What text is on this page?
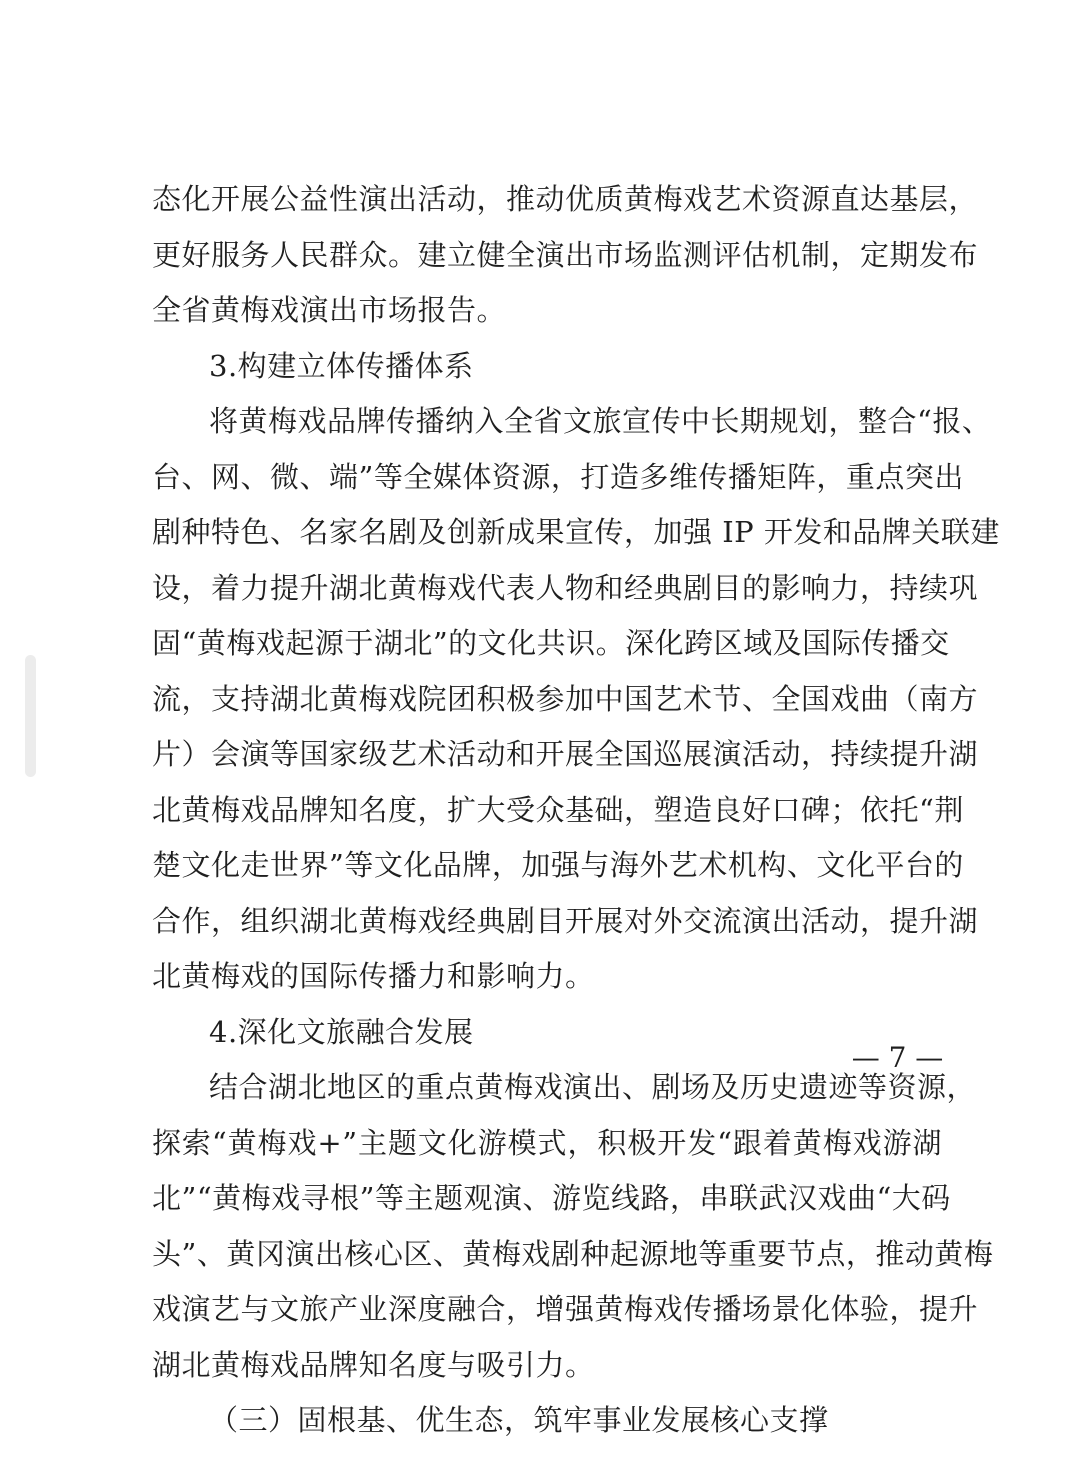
态化开展公益性演出活动，推动优质黄梅戏艺术资源直达基层，
更好服务人民群众。建立健全演出市场监测评估机制，定期发布
全省黄梅戏演出市场报告。
3.构建立体传播体系
将黄梅戏品牌传播纳入全省文旅宣传中长期规划，整合“报、
台、网、微、端”等全媒体资源，打造多维传播矩阵，重点突出
剧种特色、名家名剧及创新成果宣传，加强 IP 开发和品牌关联建
设，着力提升湖北黄梅戏代表人物和经典剧目的影响力，持续巩
固“黄梅戏起源于湖北”的文化共识。深化跨区域及国际传播交
流，支持湖北黄梅戏院团积极参加中国艺术节、全国戏曲（南方
片）会演等国家级艺术活动和开展全国巡展演活动，持续提升湖
北黄梅戏品牌知名度，扩大受众基础，塑造良好口碑；依托“荆
楚文化走世界”等文化品牌，加强与海外艺术机构、文化平台的
合作，组织湖北黄梅戏经典剧目开展对外交流演出活动，提升湖
北黄梅戏的国际传播力和影响力。
4.深化文旅融合发展
结合湖北地区的重点黄梅戏演出、剧场及历史遗迹等资源，
探索“黄梅戏+”主题文化游模式，积极开发“跟着黄梅戏游湖
北”“黄梅戏寻根”等主题观演、游览线路，串联武汉戏曲“大码
头”、黄冈演出核心区、黄梅戏剧种起源地等重要节点，推动黄梅
戏演艺与文旅产业深度融合，增强黄梅戏传播场景化体验，提升
湖北黄梅戏品牌知名度与吸引力。
（三）固根基、优生态，筑牢事业发展核心支撑
— 7 —
